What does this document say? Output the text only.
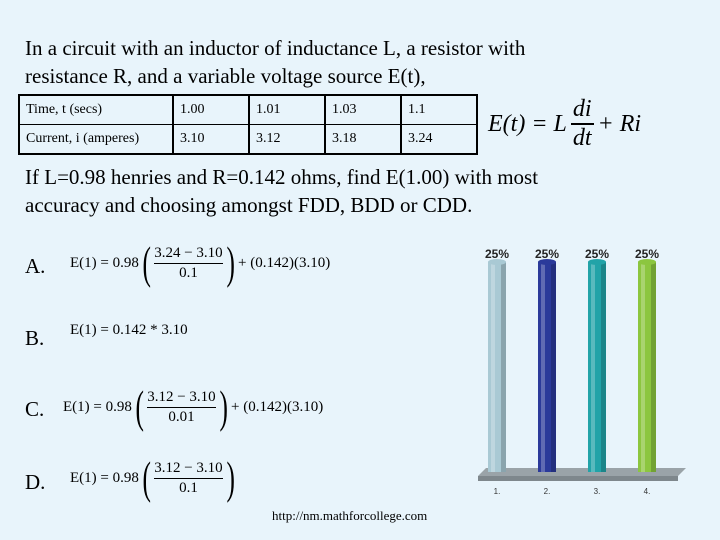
In a circuit with an inductor of inductance L, a resistor with
resistance R, and a variable voltage source E(t),
Time, t (secs)	1.00	1.01	1.03	1.1
Current, i (amperes)	3.10	3.12	3.18	3.24
E(t) = L $\frac{di}{dt} + Ri$
If L=0.98 henries and R=0.142 ohms, find E(1.00) with most
accuracy and choosing amongst FDD, BDD or CDD.
A. E(1) = 0.98 ( 3.24 − 3.10
0.1 ) + (0.142)(3.10)
B. E(1) = 0.142 * 3.10
C. E(1) = 0.98 ( 3.12 − 3.10
0.01 ) + (0.142)(3.10)
D. E(1) = 0.98 ( 3.12 − 3.10
0.1 )
25%
1.
25%
2.
25%
3.
25%
4.
http://nm.mathforcollege.com
